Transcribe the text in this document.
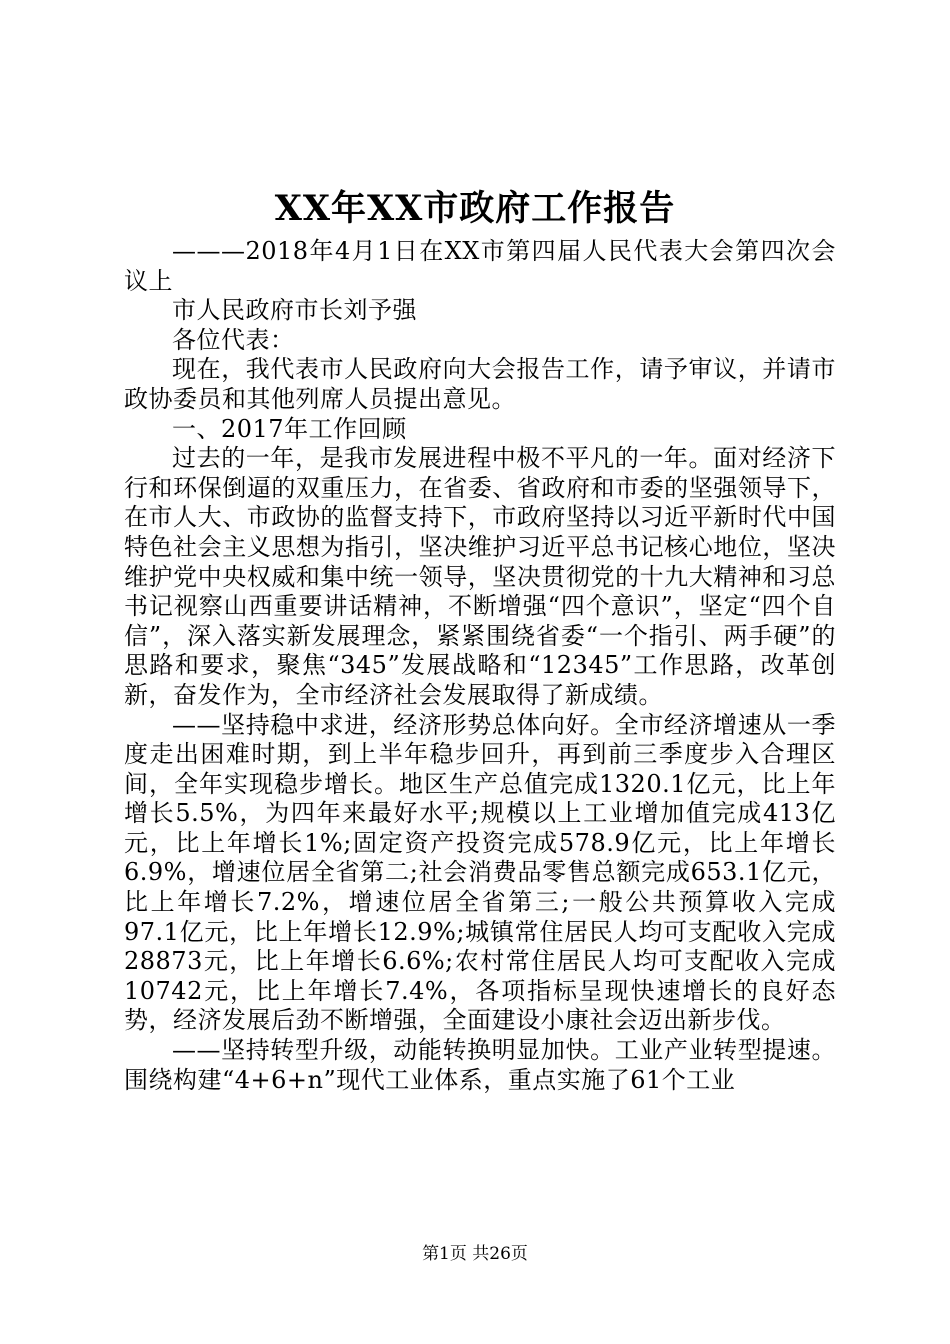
XX年XX市政府工作报告

———2018年4月1日在XX市第四届人民代表大会第四次会议上

市人民政府市长刘予强

各位代表：

现在，我代表市人民政府向大会报告工作，请予审议，并请市政协委员和其他列席人员提出意见。

一、2017年工作回顾

过去的一年，是我市发展进程中极不平凡的一年。面对经济下行和环保倒逼的双重压力，在省委、省政府和市委的坚强领导下，在市人大、市政协的监督支持下，市政府坚持以习近平新时代中国特色社会主义思想为指引，坚决维护习近平总书记核心地位，坚决维护党中央权威和集中统一领导，坚决贯彻党的十九大精神和习总书记视察山西重要讲话精神，不断增强“四个意识”，坚定“四个自信”，深入落实新发展理念，紧紧围绕省委“一个指引、两手硬”的思路和要求，聚焦“345”发展战略和“12345”工作思路，改革创新，奋发作为，全市经济社会发展取得了新成绩。

——坚持稳中求进，经济形势总体向好。全市经济增速从一季度走出困难时期，到上半年稳步回升，再到前三季度步入合理区间，全年实现稳步增长。地区生产总值完成1320.1亿元，比上年增长5.5%，为四年来最好水平;规模以上工业增加值完成413亿元，比上年增长1%;固定资产投资完成578.9亿元，比上年增长6.9%，增速位居全省第二;社会消费品零售总额完成653.1亿元，比上年增长7.2%，增速位居全省第三;一般公共预算收入完成97.1亿元，比上年增长12.9%;城镇常住居民人均可支配收入完成28873元，比上年增长6.6%;农村常住居民人均可支配收入完成10742元，比上年增长7.4%，各项指标呈现快速增长的良好态势，经济发展后劲不断增强，全面建设小康社会迈出新步伐。

——坚持转型升级，动能转换明显加快。工业产业转型提速。围绕构建“4+6+n”现代工业体系，重点实施了61个工业

第1页 共26页
